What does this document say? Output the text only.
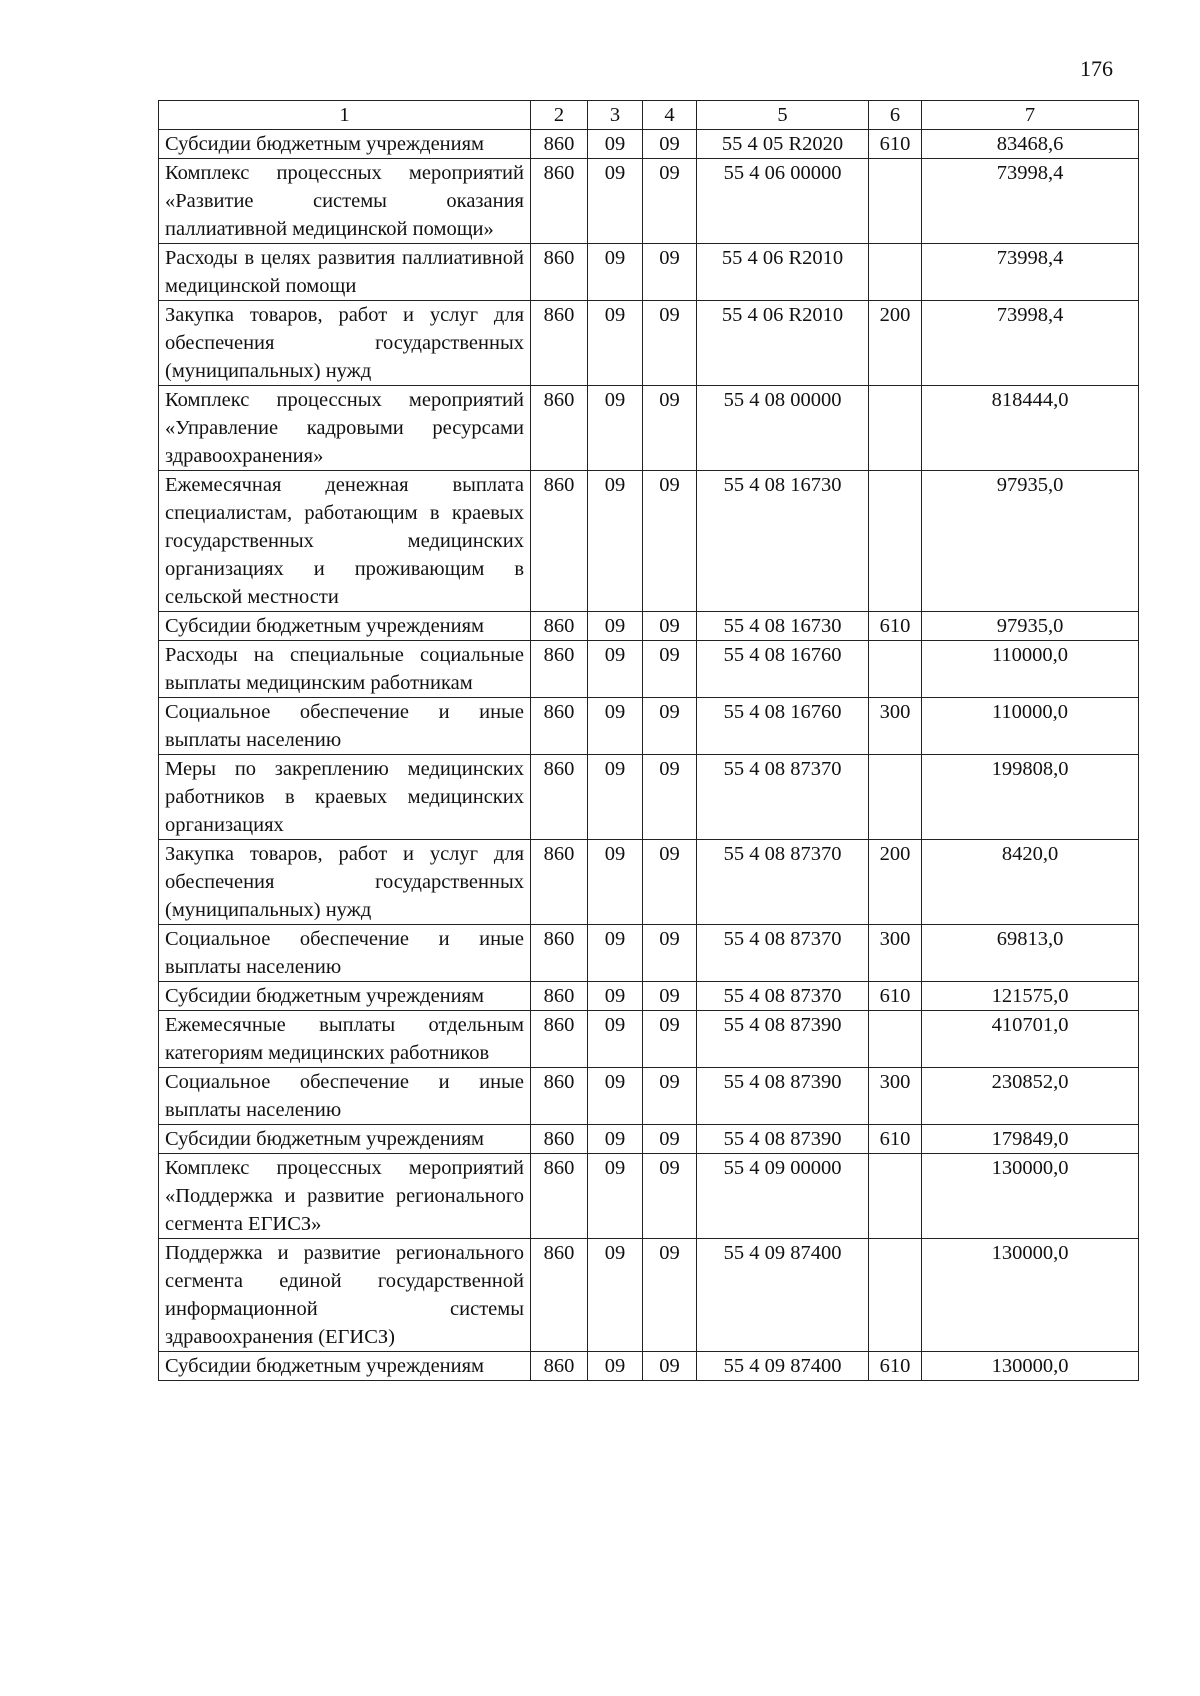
176
1	2	3	4	5	6	7
Субсидии бюджетным учреждениям	860	09	09	55 4 05 R2020	610	83468,6
Комплекс процессных мероприятий «Развитие системы оказания паллиативной медицинской помощи»	860	09	09	55 4 06 00000		73998,4
Расходы в целях развития паллиативной медицинской помощи	860	09	09	55 4 06 R2010		73998,4
Закупка товаров, работ и услуг для обеспечения государственных (муниципальных) нужд	860	09	09	55 4 06 R2010	200	73998,4
Комплекс процессных мероприятий «Управление кадровыми ресурсами здравоохранения»	860	09	09	55 4 08 00000		818444,0
Ежемесячная денежная выплата специалистам, работающим в краевых государственных медицинских организациях и проживающим в сельской местности	860	09	09	55 4 08 16730		97935,0
Субсидии бюджетным учреждениям	860	09	09	55 4 08 16730	610	97935,0
Расходы на специальные социальные выплаты медицинским работникам	860	09	09	55 4 08 16760		110000,0
Социальное обеспечение и иные выплаты населению	860	09	09	55 4 08 16760	300	110000,0
Меры по закреплению медицинских работников в краевых медицинских организациях	860	09	09	55 4 08 87370		199808,0
Закупка товаров, работ и услуг для обеспечения государственных (муниципальных) нужд	860	09	09	55 4 08 87370	200	8420,0
Социальное обеспечение и иные выплаты населению	860	09	09	55 4 08 87370	300	69813,0
Субсидии бюджетным учреждениям	860	09	09	55 4 08 87370	610	121575,0
Ежемесячные выплаты отдельным категориям медицинских работников	860	09	09	55 4 08 87390		410701,0
Социальное обеспечение и иные выплаты населению	860	09	09	55 4 08 87390	300	230852,0
Субсидии бюджетным учреждениям	860	09	09	55 4 08 87390	610	179849,0
Комплекс процессных мероприятий «Поддержка и развитие регионального сегмента ЕГИСЗ»	860	09	09	55 4 09 00000		130000,0
Поддержка и развитие регионального сегмента единой государственной информационной системы здравоохранения (ЕГИСЗ)	860	09	09	55 4 09 87400		130000,0
Субсидии бюджетным учреждениям	860	09	09	55 4 09 87400	610	130000,0
